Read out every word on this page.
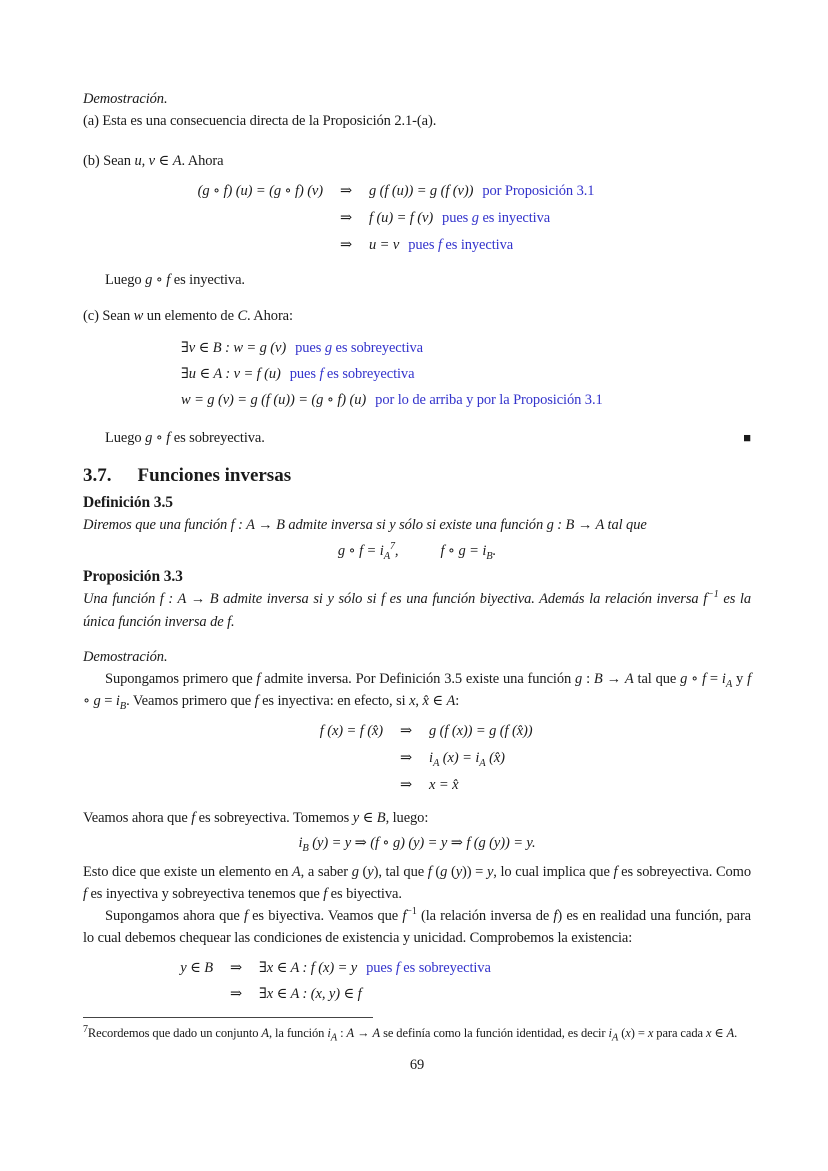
Demostración.

(a) Esta es una consecuencia directa de la Proposición 2.1-(a).

(b) Sean u, v ∈ A. Ahora

(g ∘ f) (u) = (g ∘ f) (v)	⇒	g (f (u)) = g (f (v)) por Proposición 3.1
⇒	f (u) = f (v) pues g es inyectiva
⇒	u = v pues f es inyectiva

Luego g ∘ f es inyectiva.

(c) Sean w un elemento de C. Ahora:

∃v ∈ B : w = g (v) pues g es sobreyectiva
∃u ∈ A : v = f (u) pues f es sobreyectiva
w = g (v) = g (f (u)) = (g ∘ f) (u) por lo de arriba y por la Proposición 3.1
Luego g ∘ f es sobreyectiva.	■
3.7. Funciones inversas

Definición 3.5

Diremos que una función f : A → B admite inversa si y sólo si existe una función g : B → A tal que

g ∘ $f = i_A^7$,	f ∘ $g = i_B$.

Proposición 3.3

Una función f : A → B admite inversa si y sólo si f es una función biyectiva. Además la relación inversa $f^{-1}$ es la única función inversa de f.

Demostración.

Supongamos primero que f admite inversa. Por Definición 3.5 existe una función g : B → A tal que g ∘ $f = i_A$ y f ∘ $g = i_B$. Veamos primero que f es inyectiva: en efecto, si x, x̂ ∈ A:

f (x) = f (x̂)	⇒	g (f (x)) = g (f (x̂))
⇒	$i_A$ $(x) = i_A$ (x̂)
⇒	x = x̂

Veamos ahora que f es sobreyectiva. Tomemos y ∈ B, luego:

$i_B$ (y) = y ⇒ (f ∘ g) (y) = y ⇒ f (g (y)) = y.

Esto dice que existe un elemento en A, a saber g (y), tal que f (g (y)) = y, lo cual implica que f es sobreyectiva. Como f es inyectiva y sobreyectiva tenemos que f es biyectiva.

Supongamos ahora que f es biyectiva. Veamos que $f^{-1}$ (la relación inversa de f) es en realidad una función, para lo cual debemos chequear las condiciones de existencia y unicidad. Comprobemos la existencia:

y ∈ B	⇒	∃x ∈ A : f (x) = y pues f es sobreyectiva
⇒	∃x ∈ A : (x, y) ∈ f

$^7$Recordemos que dado un conjunto A, la función $i_A$ : A → A se definía como la función identidad, es decir $i_A$ (x) = x para cada x ∈ A.

69
